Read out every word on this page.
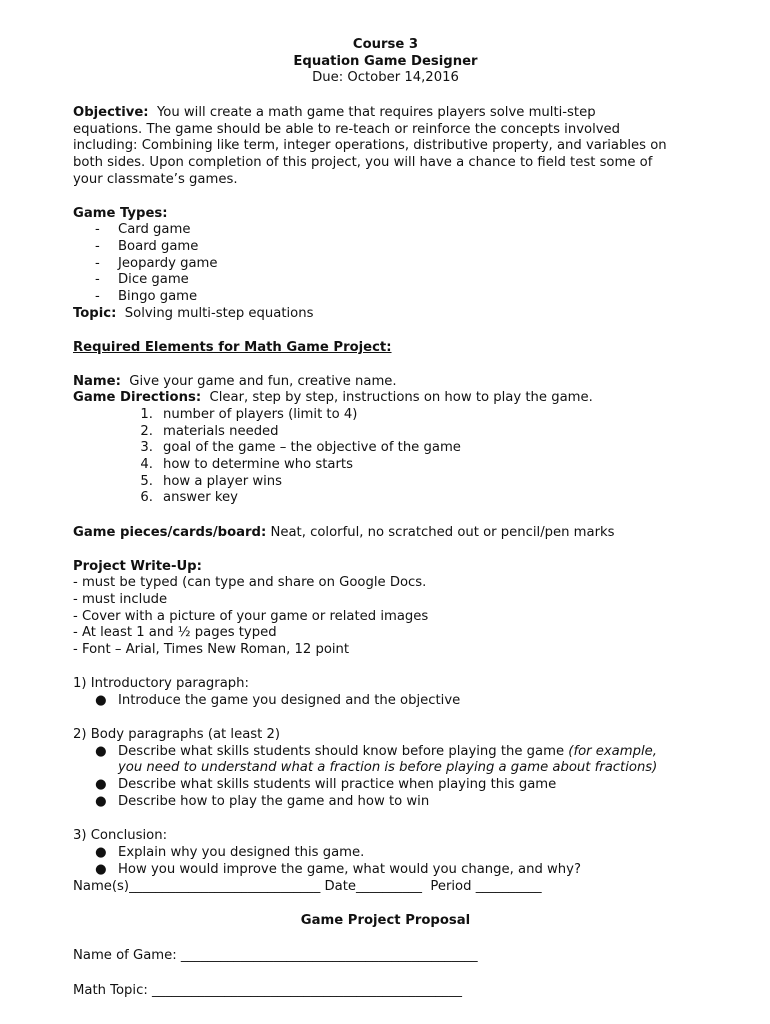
Course 3
Equation Game Designer
Due: October 14,2016
Objective: You will create a math game that requires players solve multi-step
equations. The game should be able to re-teach or reinforce the concepts involved
including: Combining like term, integer operations, distributive property, and variables on
both sides. Upon completion of this project, you will have a chance to field test some of
your classmate’s games.
Game Types:
- Card game
- Board game
- Jeopardy game
- Dice game
- Bingo game
Topic: Solving multi-step equations
Required Elements for Math Game Project:
Name: Give your game and fun, creative name.
Game Directions: Clear, step by step, instructions on how to play the game.
1. number of players (limit to 4)
2. materials needed
3. goal of the game – the objective of the game
4. how to determine who starts
5. how a player wins
6. answer key
Game pieces/cards/board: Neat, colorful, no scratched out or pencil/pen marks
Project Write-Up:
- must be typed (can type and share on Google Docs.
- must include
- Cover with a picture of your game or related images
- At least 1 and ½ pages typed
- Font – Arial, Times New Roman, 12 point
1) Introductory paragraph:
● Introduce the game you designed and the objective
2) Body paragraphs (at least 2)
● Describe what skills students should know before playing the game (for example,
you need to understand what a fraction is before playing a game about fractions)
● Describe what skills students will practice when playing this game
● Describe how to play the game and how to win
3) Conclusion:
● Explain why you designed this game.
● How you would improve the game, what would you change, and why?
Name(s)_____________________________ Date__________ Period __________
Game Project Proposal
Name of Game: _____________________________________________
Math Topic: _______________________________________________
